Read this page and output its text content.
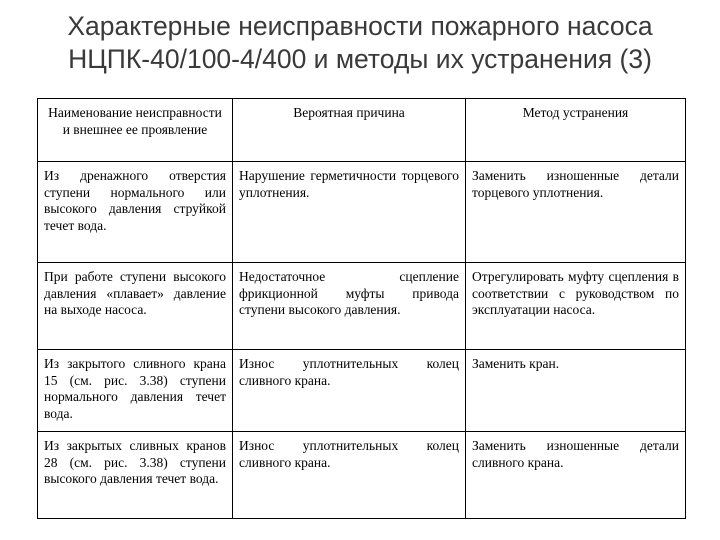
Характерные неисправности пожарного насоса
НЦПК-40/100-4/400 и методы их устранения (3)
Наименование неисправности и внешнее ее проявление	Вероятная причина	Метод устранения
Из дренажного отверстия ступени нормального или высокого давления струйкой течет вода.	Нарушение герметичности торцевого уплотнения.	Заменить изношенные детали торцевого уплотнения.
При работе ступени высокого давления «плавает» давление на выходе насоса.	Недостаточное сцепление фрикционной муфты привода ступени высокого давления.	Отрегулировать муфту сцепления в соответствии с руководством по эксплуатации насоса.
Из закрытого сливного крана 15 (см. рис. 3.38) ступени нормального давления течет вода.	Износ уплотнительных колец сливного крана.	Заменить кран.
Из закрытых сливных кранов 28 (см. рис. 3.38) ступени высокого давления течет вода.	Износ уплотнительных колец сливного крана.	Заменить изношенные детали сливного крана.
